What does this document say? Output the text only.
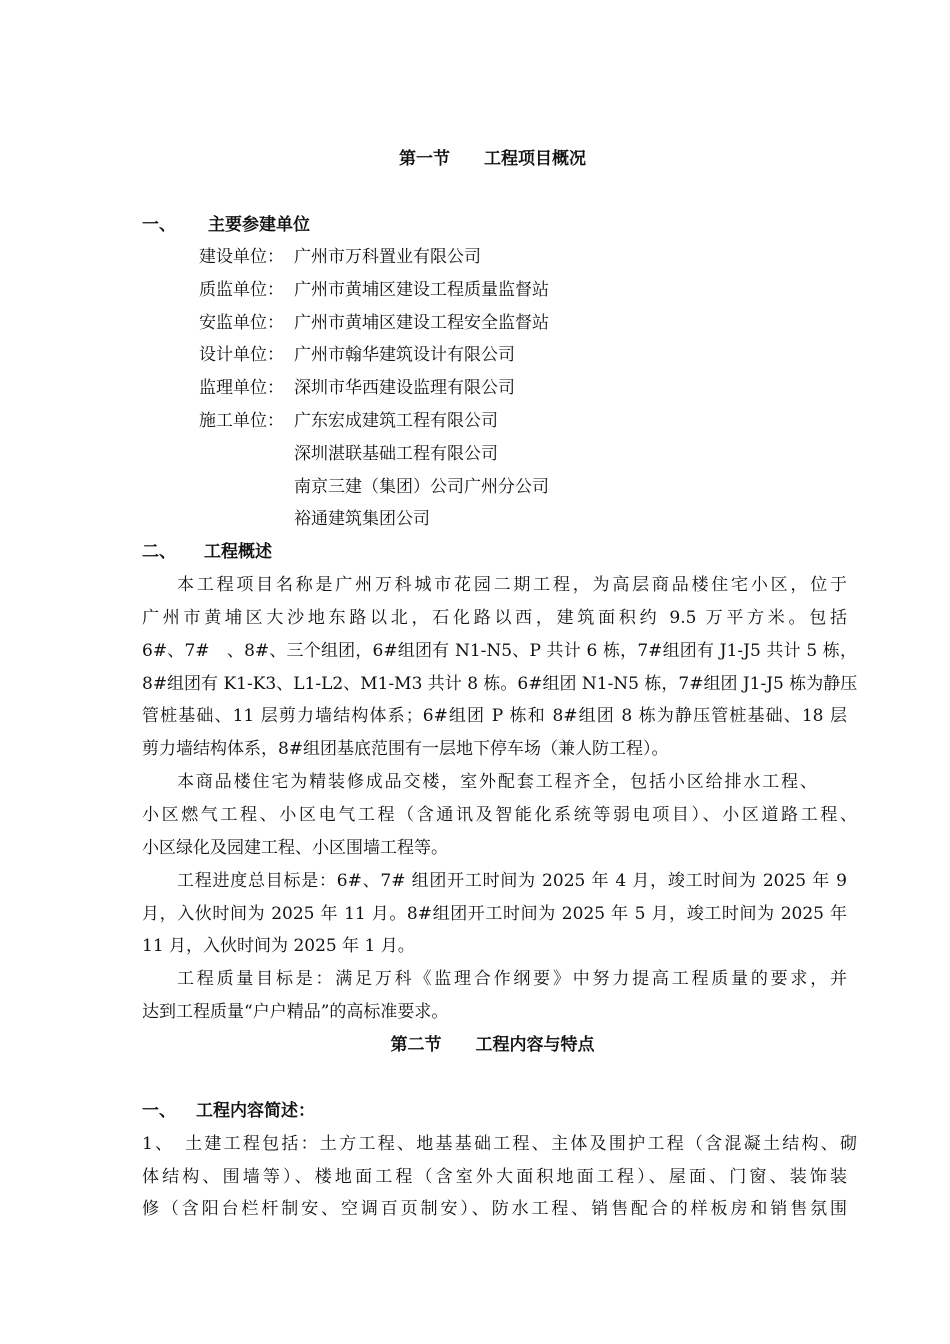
第一节　　工程项目概况
一、 主要参建单位
建设单位： 广州市万科置业有限公司
质监单位： 广州市黄埔区建设工程质量监督站
安监单位： 广州市黄埔区建设工程安全监督站
设计单位： 广州市翰华建筑设计有限公司
监理单位： 深圳市华西建设监理有限公司
施工单位： 广东宏成建筑工程有限公司
深圳湛联基础工程有限公司
南京三建（集团）公司广州分公司
裕通建筑集团公司
二、 工程概述
本工程项目名称是广州万科城市花园二期工程，为高层商品楼住宅小区，位于
广州市黄埔区大沙地东路以北，石化路以西，建筑面积约 9.5 万平方米。包括
6#、7#　、8#、三个组团，6#组团有 N1-N5、P 共计 6 栋，7#组团有 J1-J5 共计 5 栋，
8#组团有 K1-K3、L1-L2、M1-M3 共计 8 栋。6#组团 N1-N5 栋，7#组团 J1-J5 栋为静压
管桩基础、11 层剪力墙结构体系；6#组团 P 栋和 8#组团 8 栋为静压管桩基础、18 层
剪力墙结构体系，8#组团基底范围有一层地下停车场（兼人防工程）。
本商品楼住宅为精装修成品交楼，室外配套工程齐全，包括小区给排水工程、
小区燃气工程、小区电气工程（含通讯及智能化系统等弱电项目）、小区道路工程、
小区绿化及园建工程、小区围墙工程等。
工程进度总目标是：6#、7# 组团开工时间为 2025 年 4 月，竣工时间为 2025 年 9
月，入伙时间为 2025 年 11 月。8#组团开工时间为 2025 年 5 月，竣工时间为 2025 年
11 月，入伙时间为 2025 年 1 月。
工程质量目标是：满足万科《监理合作纲要》中努力提高工程质量的要求，并
达到工程质量“户户精品”的高标准要求。
第二节　　工程内容与特点
一、 工程内容简述：
1、　土建工程包括：土方工程、地基基础工程、主体及围护工程（含混凝土结构、砌
体结构、围墙等）、楼地面工程（含室外大面积地面工程）、屋面、门窗、装饰装
修（含阳台栏杆制安、空调百页制安）、防水工程、销售配合的样板房和销售氛围
